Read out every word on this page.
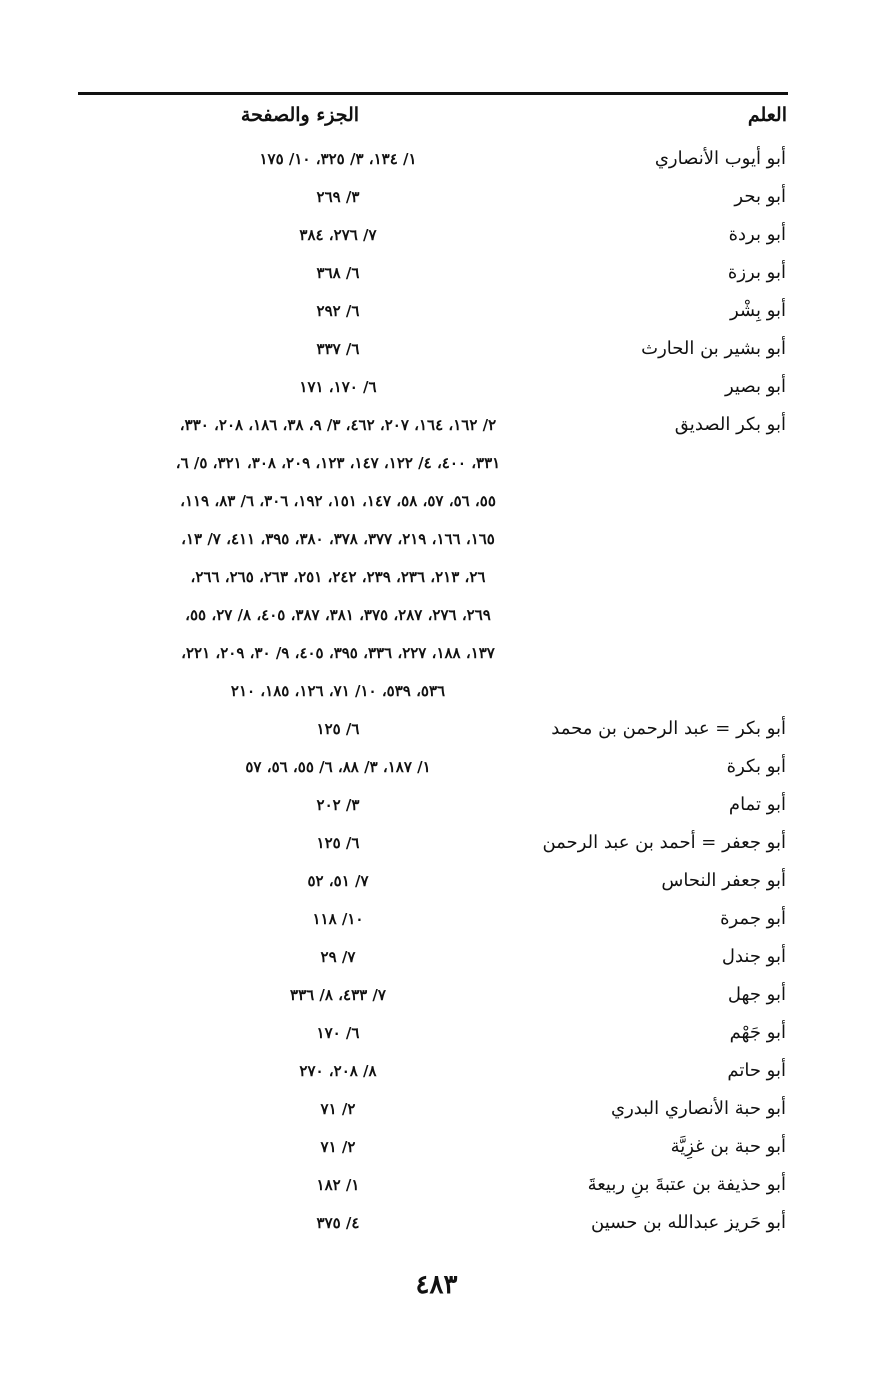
العلم
الجزء والصفحة
أبو أيوب الأنصاري
١/ ١٣٤، ٣/ ٣٢٥، ١٠/ ١٧٥
أبو بحر
٣/ ٢٦٩
أبو بردة
٧/ ٢٧٦، ٣٨٤
أبو برزة
٦/ ٣٦٨
أبو بِشْر
٦/ ٢٩٢
أبو بشير بن الحارث
٦/ ٣٣٧
أبو بصير
٦/ ١٧٠، ١٧١
أبو بكر الصديق
٢/ ١٦٢، ١٦٤، ٢٠٧، ٤٦٢، ٣/ ٩، ٣٨، ١٨٦، ٢٠٨، ٣٣٠،
٣٣١، ٤٠٠، ٤/ ١٢٢، ١٤٧، ١٢٣، ٢٠٩، ٣٠٨، ٣٢١، ٥/ ٦،
٥٥، ٥٦، ٥٧، ٥٨، ١٤٧، ١٥١، ١٩٢، ٣٠٦، ٦/ ٨٣، ١١٩،
١٦٥، ١٦٦، ٢١٩، ٣٧٧، ٣٧٨، ٣٨٠، ٣٩٥، ٤١١، ٧/ ١٣،
٢٦، ٢١٣، ٢٣٦، ٢٣٩، ٢٤٢، ٢٥١، ٢٦٣، ٢٦٥، ٢٦٦،
٢٦٩، ٢٧٦، ٢٨٧، ٣٧٥، ٣٨١، ٣٨٧، ٤٠٥، ٨/ ٢٧، ٥٥،
١٣٧، ١٨٨، ٢٢٧، ٣٣٦، ٣٩٥، ٤٠٥، ٩/ ٣٠، ٢٠٩، ٢٢١،
٥٣٦، ٥٣٩، ١٠/ ٧١، ١٢٦، ١٨٥، ٢١٠
أبو بكر = عبد الرحمن بن محمد
٦/ ١٢٥
أبو بكرة
١/ ١٨٧، ٣/ ٨٨، ٦/ ٥٥، ٥٦، ٥٧
أبو تمام
٣/ ٢٠٢
أبو جعفر = أحمد بن عبد الرحمن
٦/ ١٢٥
أبو جعفر النحاس
٧/ ٥١، ٥٢
أبو جمرة
١٠/ ١١٨
أبو جندل
٧/ ٢٩
أبو جهل
٧/ ٤٣٣، ٨/ ٣٣٦
أبو جَهْم
٦/ ١٧٠
أبو حاتم
٨/ ٢٠٨، ٢٧٠
أبو حبة الأنصاري البدري
٢/ ٧١
أبو حبة بن غزِيَّة
٢/ ٧١
أبو حذيفة بن عتبةَ بنِ ربيعةَ
١/ ١٨٢
أبو حَريز عبدالله بن حسين
٤/ ٣٧٥
٤٨٣
